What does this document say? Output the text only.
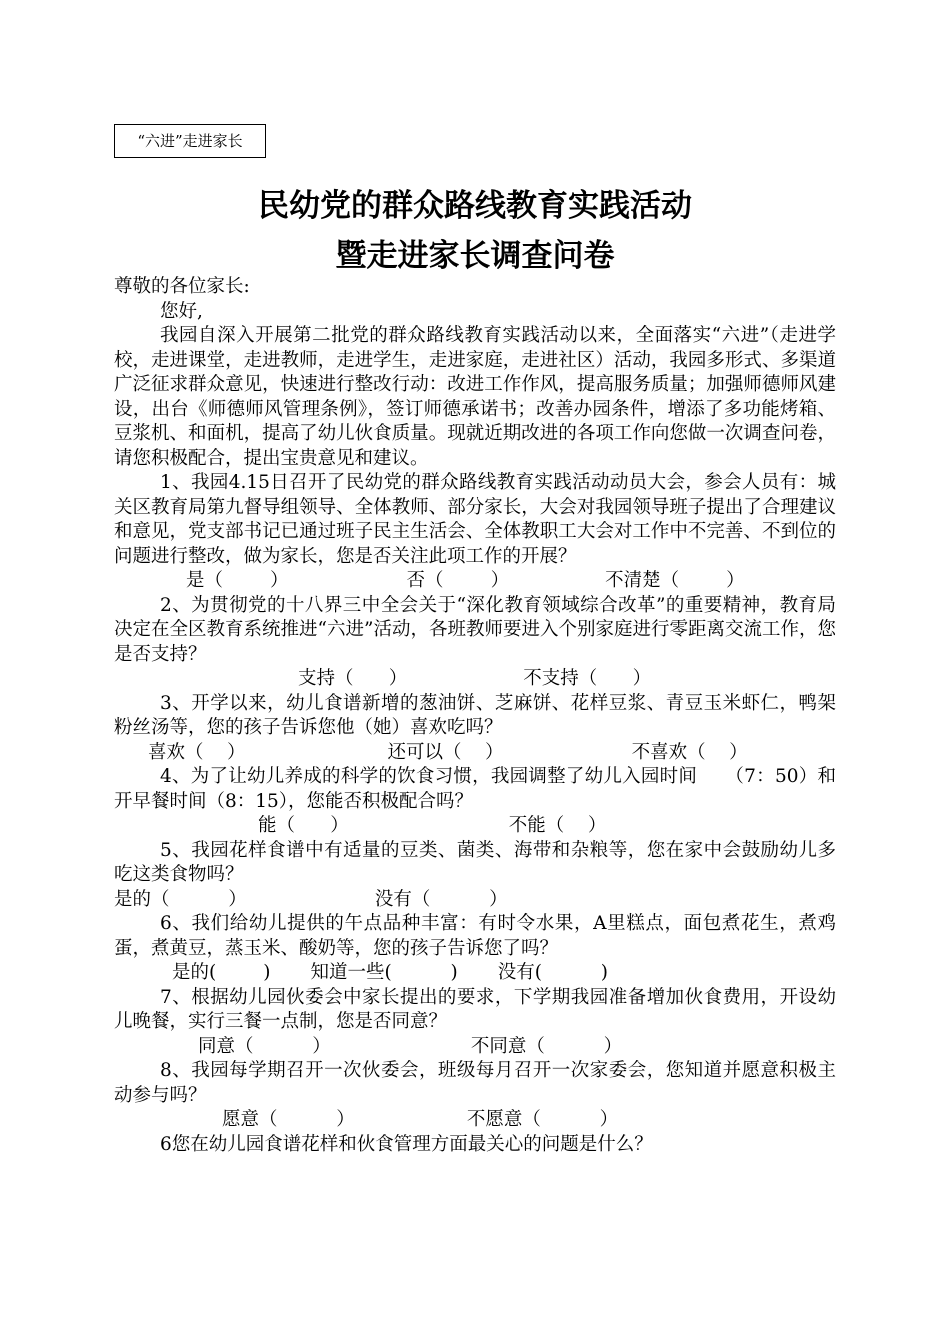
“六进”走进家长
民幼党的群众路线教育实践活动
暨走进家长调查问卷

尊敬的各位家长:

您好,

我园自深入开展第二批党的群众路线教育实践活动以来，全面落实“六进”（走进学校，走进课堂，走进教师，走进学生，走进家庭，走进社区）活动，我园多形式、多渠道广泛征求群众意见，快速进行整改行动：改进工作作风，提高服务质量；加强师德师风建设，出台《师德师风管理条例》，签订师德承诺书；改善办园条件，增添了多功能烤箱、豆浆机、和面机，提高了幼儿伙食质量。现就近期改进的各项工作向您做一次调查问卷，请您积极配合，提出宝贵意见和建议。

1、我园4.15日召开了民幼党的群众路线教育实践活动动员大会，参会人员有：城关区教育局第九督导组领导、全体教师、部分家长，大会对我园领导班子提出了合理建议和意见，党支部书记已通过班子民主生活会、全体教职工大会对工作中不完善、不到位的问题进行整改，做为家长，您是否关注此项工作的开展？

是（        ）	否（        ）	不清楚（        ）

2、为贯彻党的十八界三中全会关于“深化教育领域综合改革”的重要精神，教育局决定在全区教育系统推进“六进”活动，各班教师要进入个别家庭进行零距离交流工作，您是否支持？

支持（      ）	不支持（      ）

3、开学以来，幼儿食谱新增的葱油饼、芝麻饼、花样豆浆、青豆玉米虾仁，鸭架粉丝汤等，您的孩子告诉您他（她）喜欢吃吗？

喜欢（    ）	还可以（    ）	不喜欢（    ）

4、为了让幼儿养成的科学的饮食习惯，我园调整了幼儿入园时间　　（7：50）和开早餐时间（8：15），您能否积极配合吗？

能（      ）	不能（    ）

5、我园花样食谱中有适量的豆类、菌类、海带和杂粮等，您在家中会鼓励幼儿多吃这类食物吗？

是的（          ）	没有（          ）

6、我们给幼儿提供的午点品种丰富：有时令水果，A里糕点，面包煮花生，煮鸡蛋，煮黄豆，蒸玉米、酸奶等，您的孩子告诉您了吗？

是的(        ) 知道一些(          ) 没有(          )

7、根据幼儿园伙委会中家长提出的要求，下学期我园准备增加伙食费用，开设幼儿晚餐，实行三餐一点制，您是否同意？

同意（          ）	不同意（          ）

8、我园每学期召开一次伙委会，班级每月召开一次家委会，您知道并愿意积极主动参与吗？

愿意（          ）	不愿意（          ）

6您在幼儿园食谱花样和伙食管理方面最关心的问题是什么？
